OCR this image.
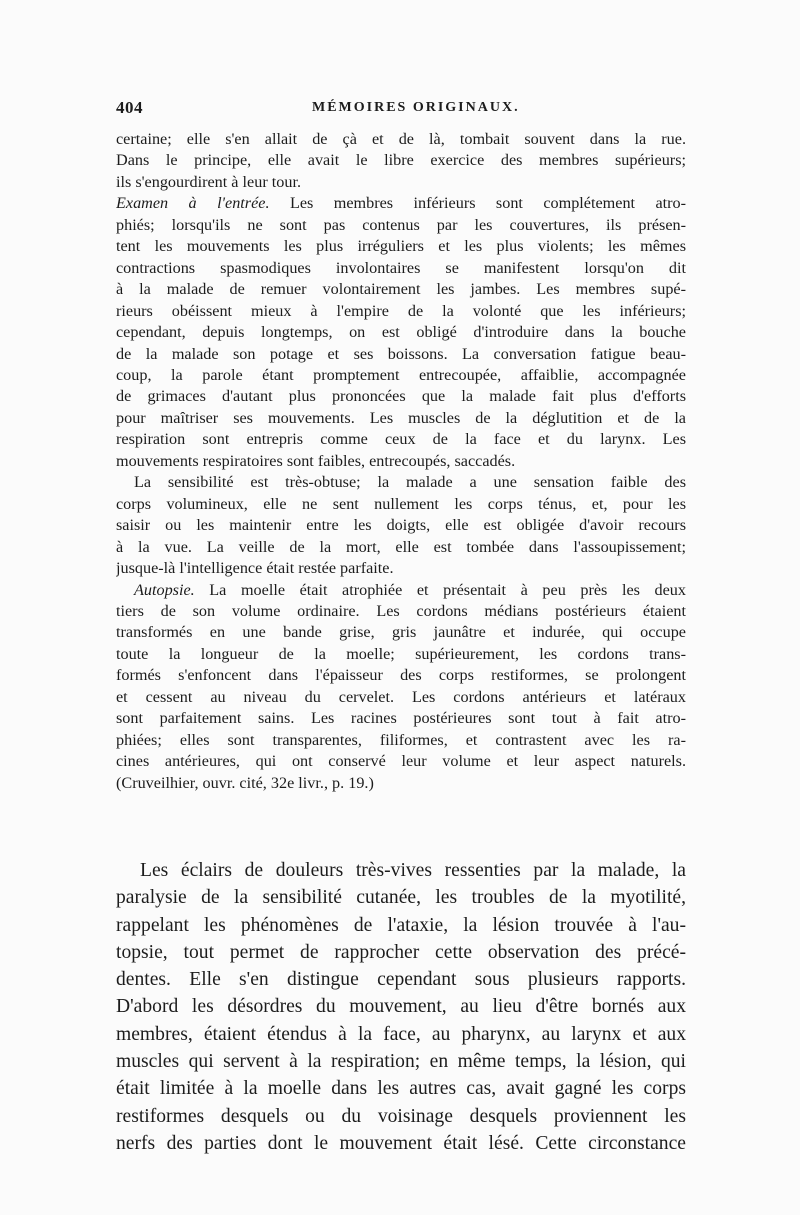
404	MÉMOIRES ORIGINAUX.
certaine; elle s'en allait de çà et de là, tombait souvent dans la rue.
Dans le principe, elle avait le libre exercice des membres supérieurs;
ils s'engourdirent à leur tour.
Examen à l'entrée. Les membres inférieurs sont complétement atro-
phiés; lorsqu'ils ne sont pas contenus par les couvertures, ils présen-
tent les mouvements les plus irréguliers et les plus violents; les mêmes
contractions spasmodiques involontaires se manifestent lorsqu'on dit
à la malade de remuer volontairement les jambes. Les membres supé-
rieurs obéissent mieux à l'empire de la volonté que les inférieurs;
cependant, depuis longtemps, on est obligé d'introduire dans la bouche
de la malade son potage et ses boissons. La conversation fatigue beau-
coup, la parole étant promptement entrecoupée, affaiblie, accompagnée
de grimaces d'autant plus prononcées que la malade fait plus d'efforts
pour maîtriser ses mouvements. Les muscles de la déglutition et de la
respiration sont entrepris comme ceux de la face et du larynx. Les
mouvements respiratoires sont faibles, entrecoupés, saccadés.
La sensibilité est très-obtuse; la malade a une sensation faible des
corps volumineux, elle ne sent nullement les corps ténus, et, pour les
saisir ou les maintenir entre les doigts, elle est obligée d'avoir recours
à la vue. La veille de la mort, elle est tombée dans l'assoupissement;
jusque-là l'intelligence était restée parfaite.
Autopsie. La moelle était atrophiée et présentait à peu près les deux
tiers de son volume ordinaire. Les cordons médians postérieurs étaient
transformés en une bande grise, gris jaunâtre et indurée, qui occupe
toute la longueur de la moelle; supérieurement, les cordons trans-
formés s'enfoncent dans l'épaisseur des corps restiformes, se prolongent
et cessent au niveau du cervelet. Les cordons antérieurs et latéraux
sont parfaitement sains. Les racines postérieures sont tout à fait atro-
phiées; elles sont transparentes, filiformes, et contrastent avec les ra-
cines antérieures, qui ont conservé leur volume et leur aspect naturels.
(Cruveilhier, ouvr. cité, 32e livr., p. 19.)
Les éclairs de douleurs très-vives ressenties par la malade, la
paralysie de la sensibilité cutanée, les troubles de la myotilité,
rappelant les phénomènes de l'ataxie, la lésion trouvée à l'au-
topsie, tout permet de rapprocher cette observation des précé-
dentes. Elle s'en distingue cependant sous plusieurs rapports.
D'abord les désordres du mouvement, au lieu d'être bornés aux
membres, étaient étendus à la face, au pharynx, au larynx et aux
muscles qui servent à la respiration; en même temps, la lésion, qui
était limitée à la moelle dans les autres cas, avait gagné les corps
restiformes desquels ou du voisinage desquels proviennent les
nerfs des parties dont le mouvement était lésé. Cette circonstance
